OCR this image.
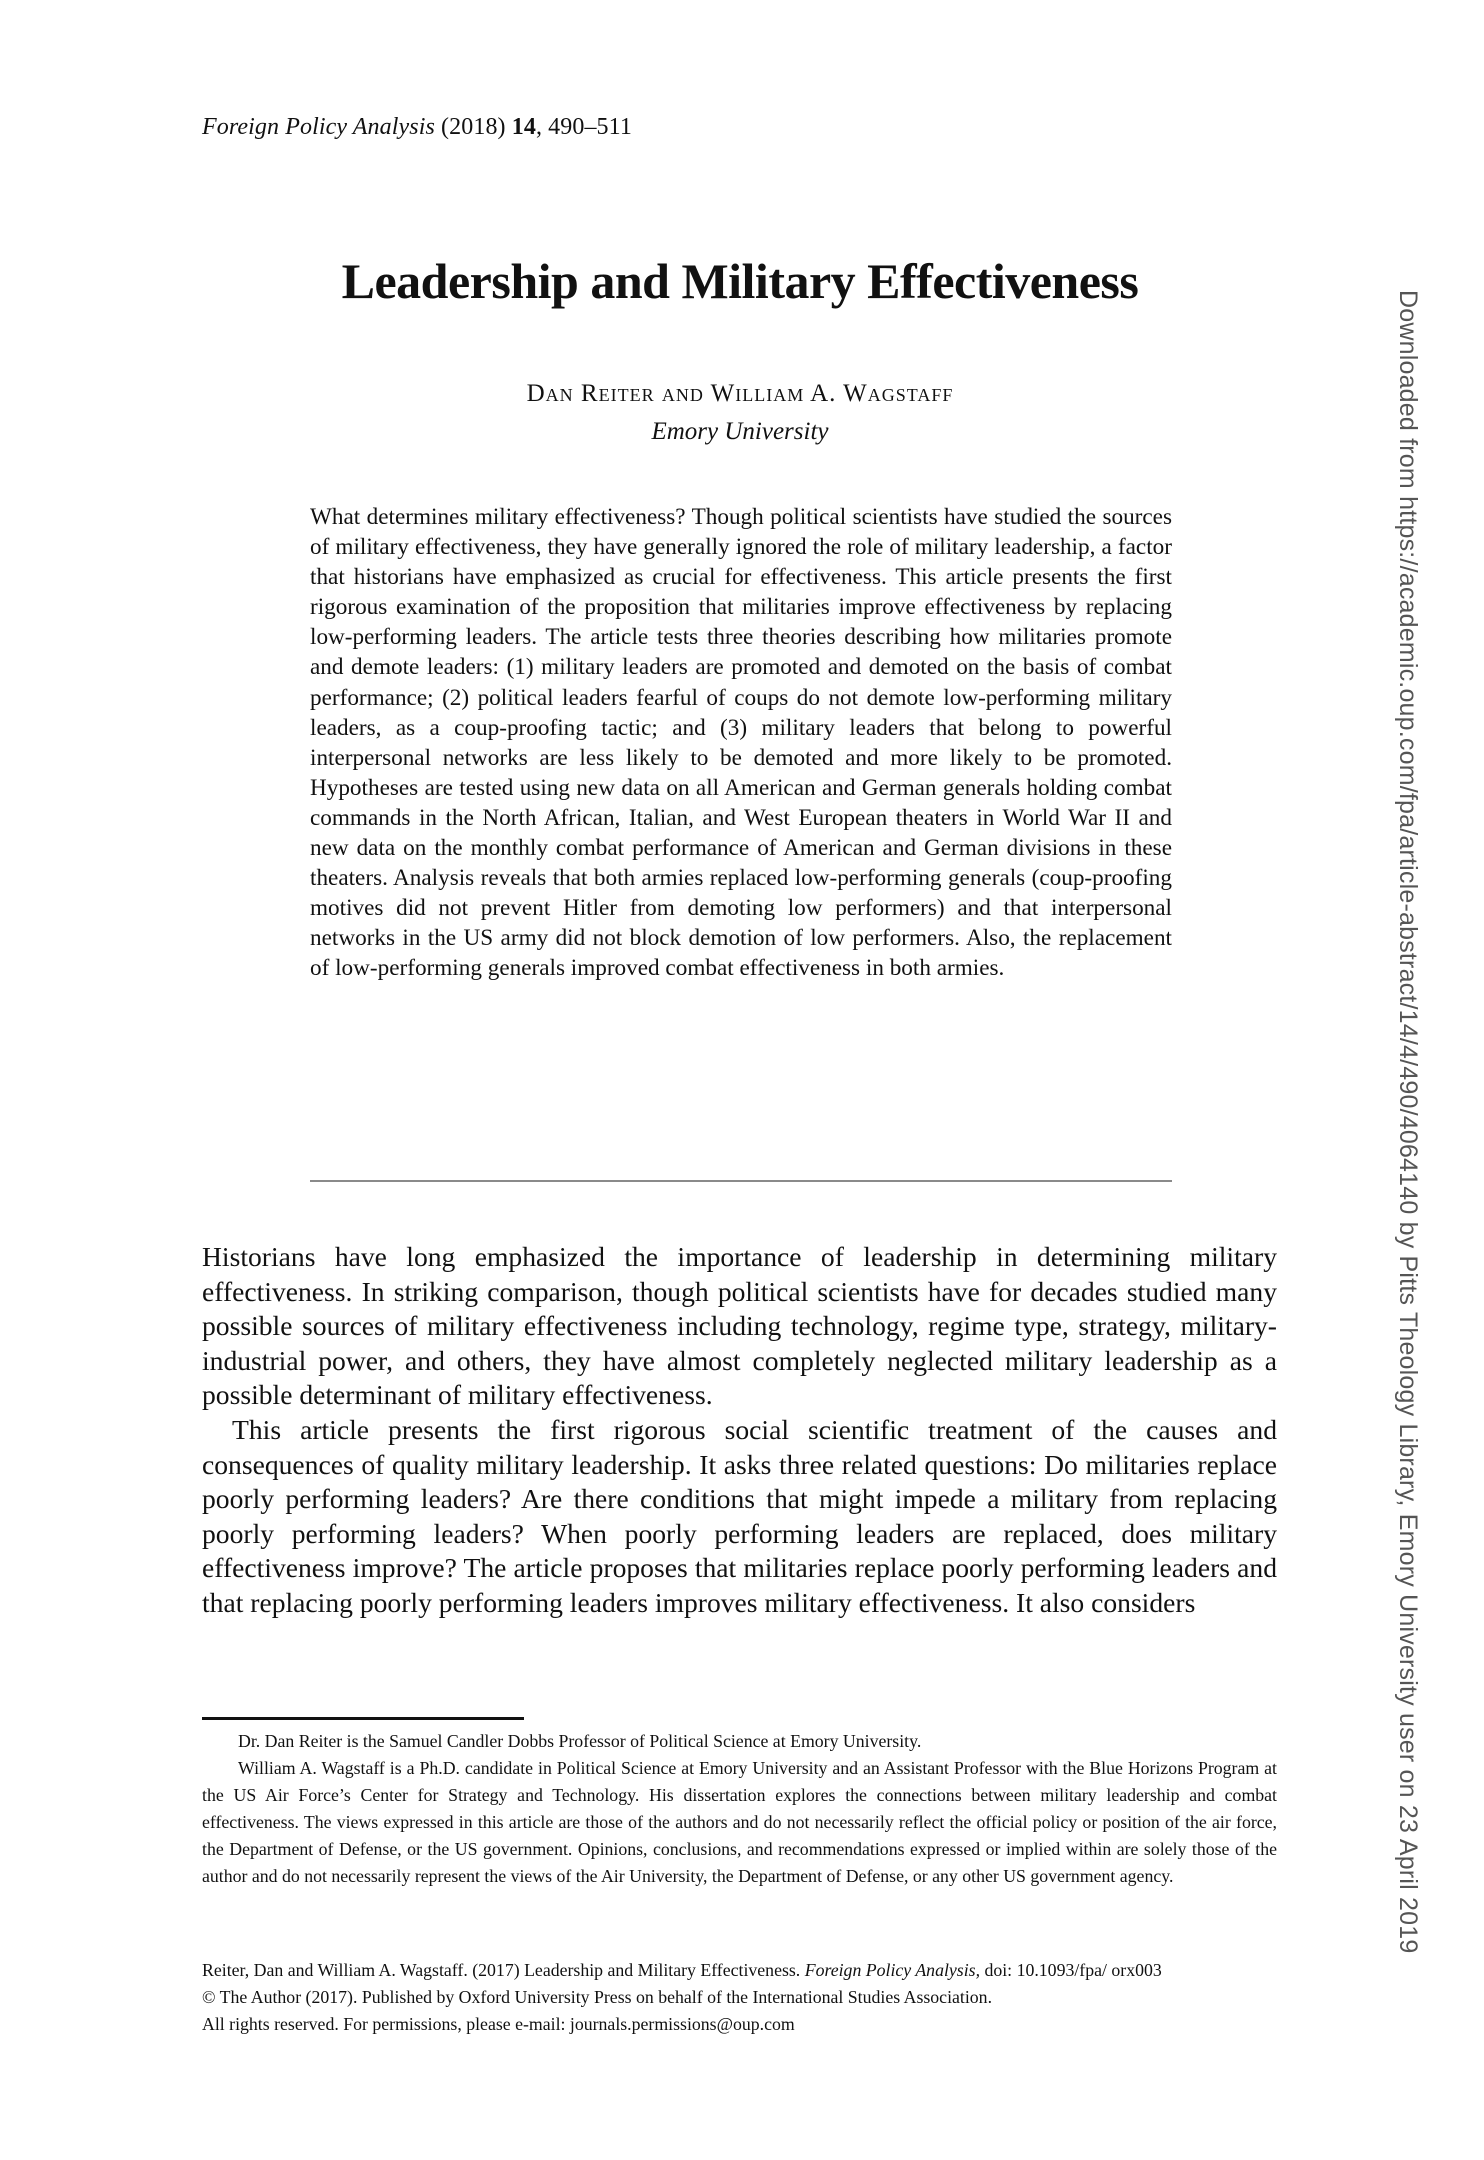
Foreign Policy Analysis (2018) 14, 490–511
Leadership and Military Effectiveness
Dan Reiter and William A. Wagstaff
Emory University
What determines military effectiveness? Though political scientists have studied the sources of military effectiveness, they have generally ignored the role of military leadership, a factor that historians have emphasized as crucial for effectiveness. This article presents the first rigorous examination of the proposition that militaries improve effectiveness by replacing low-performing leaders. The article tests three theories describing how militaries promote and demote leaders: (1) military leaders are promoted and demoted on the basis of combat performance; (2) political leaders fearful of coups do not demote low-performing military leaders, as a coup-proofing tactic; and (3) military leaders that belong to powerful interpersonal networks are less likely to be demoted and more likely to be promoted. Hypotheses are tested using new data on all American and German generals holding combat commands in the North African, Italian, and West European theaters in World War II and new data on the monthly combat performance of American and German divisions in these theaters. Analysis reveals that both armies replaced low-performing generals (coup-proofing motives did not prevent Hitler from demoting low performers) and that interpersonal networks in the US army did not block demotion of low performers. Also, the replacement of low-performing generals improved combat effectiveness in both armies.

Historians have long emphasized the importance of leadership in determining military effectiveness. In striking comparison, though political scientists have for decades studied many possible sources of military effectiveness including technology, regime type, strategy, military-industrial power, and others, they have almost completely neglected military leadership as a possible determinant of military effectiveness.

This article presents the first rigorous social scientific treatment of the causes and consequences of quality military leadership. It asks three related questions: Do militaries replace poorly performing leaders? Are there conditions that might impede a military from replacing poorly performing leaders? When poorly performing leaders are replaced, does military effectiveness improve? The article proposes that militaries replace poorly performing leaders and that replacing poorly performing leaders improves military effectiveness. It also considers

Dr. Dan Reiter is the Samuel Candler Dobbs Professor of Political Science at Emory University.

William A. Wagstaff is a Ph.D. candidate in Political Science at Emory University and an Assistant Professor with the Blue Horizons Program at the US Air Force’s Center for Strategy and Technology. His dissertation explores the connections between military leadership and combat effectiveness. The views expressed in this article are those of the authors and do not necessarily reflect the official policy or position of the air force, the Department of Defense, or the US government. Opinions, conclusions, and recommendations expressed or implied within are solely those of the author and do not necessarily represent the views of the Air University, the Department of Defense, or any other US government agency.

Reiter, Dan and William A. Wagstaff. (2017) Leadership and Military Effectiveness. Foreign Policy Analysis, doi: 10.1093/fpa/ orx003

© The Author (2017). Published by Oxford University Press on behalf of the International Studies Association.

All rights reserved. For permissions, please e-mail: journals.permissions@oup.com

Downloaded from https://academic.oup.com/fpa/article-abstract/14/4/490/4064140 by Pitts Theology Library, Emory University user on 23 April 2019
